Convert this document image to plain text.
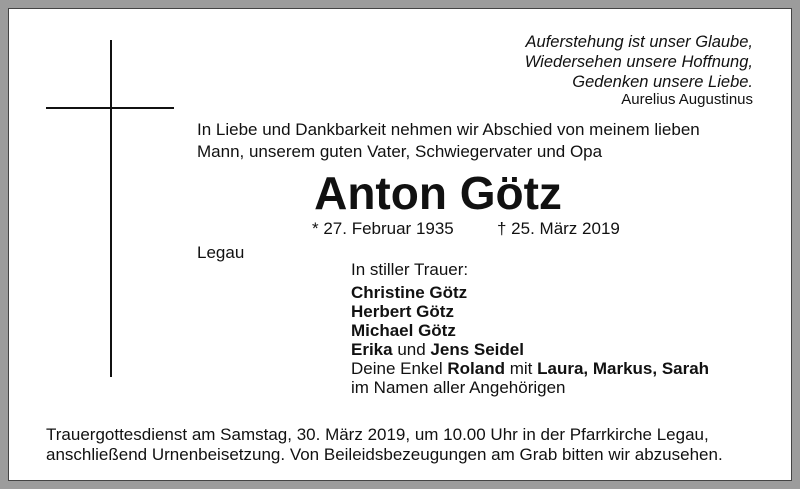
Auferstehung ist unser Glaube,
Wiedersehen unsere Hoffnung,
Gedenken unsere Liebe.
Aurelius Augustinus
In Liebe und Dankbarkeit nehmen wir Abschied von meinem lieben
Mann, unserem guten Vater, Schwiegervater und Opa
Anton Götz
* 27. Februar 1935	† 25. März 2019
Legau
In stiller Trauer:
Christine Götz
Herbert Götz
Michael Götz
Erika und Jens Seidel
Deine Enkel Roland mit Laura, Markus, Sarah
im Namen aller Angehörigen
Trauergottesdienst am Samstag, 30. März 2019, um 10.00 Uhr in der Pfarrkirche Legau,
anschließend Urnenbeisetzung. Von Beileidsbezeugungen am Grab bitten wir abzusehen.
